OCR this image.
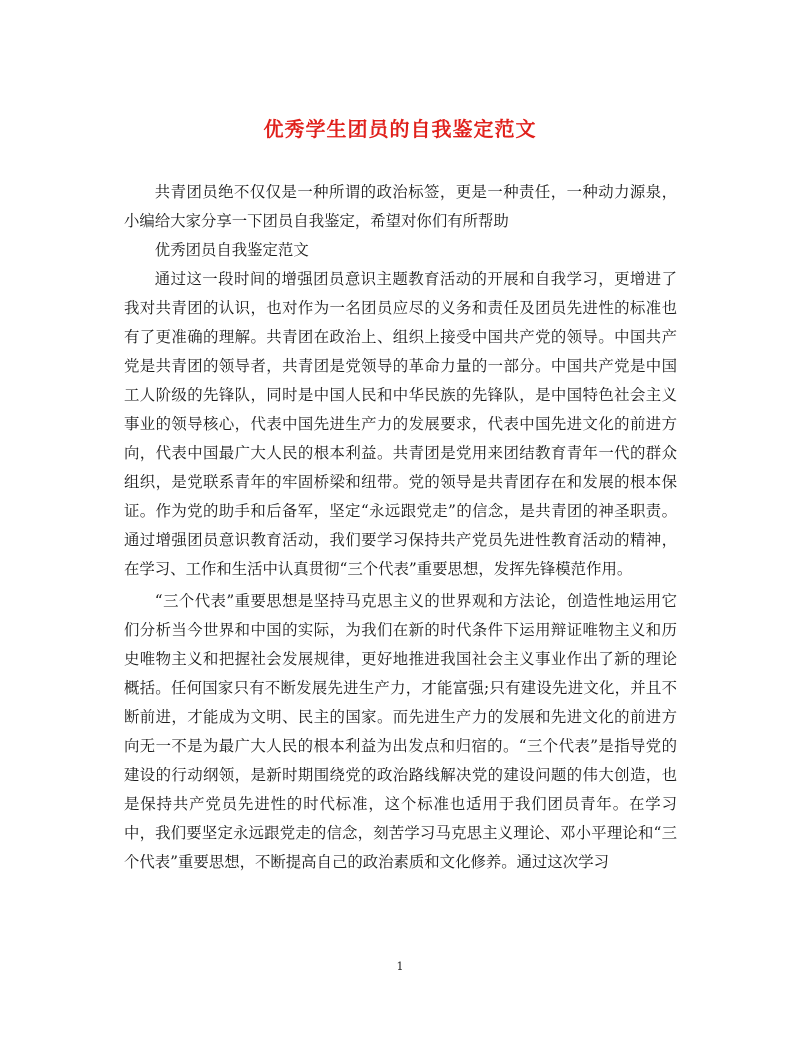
优秀学生团员的自我鉴定范文

共青团员绝不仅仅是一种所谓的政治标签，更是一种责任，一种动力源泉，小编给大家分享一下团员自我鉴定，希望对你们有所帮助

优秀团员自我鉴定范文

通过这一段时间的增强团员意识主题教育活动的开展和自我学习，更增进了我对共青团的认识，也对作为一名团员应尽的义务和责任及团员先进性的标准也有了更准确的理解。共青团在政治上、组织上接受中国共产党的领导。中国共产党是共青团的领导者，共青团是党领导的革命力量的一部分。中国共产党是中国工人阶级的先锋队，同时是中国人民和中华民族的先锋队，是中国特色社会主义事业的领导核心，代表中国先进生产力的发展要求，代表中国先进文化的前进方向，代表中国最广大人民的根本利益。共青团是党用来团结教育青年一代的群众组织，是党联系青年的牢固桥梁和纽带。党的领导是共青团存在和发展的根本保证。作为党的助手和后备军，坚定“永远跟党走”的信念，是共青团的神圣职责。通过增强团员意识教育活动，我们要学习保持共产党员先进性教育活动的精神，在学习、工作和生活中认真贯彻“三个代表”重要思想，发挥先锋模范作用。

“三个代表”重要思想是坚持马克思主义的世界观和方法论，创造性地运用它们分析当今世界和中国的实际，为我们在新的时代条件下运用辩证唯物主义和历史唯物主义和把握社会发展规律，更好地推进我国社会主义事业作出了新的理论概括。任何国家只有不断发展先进生产力，才能富强;只有建设先进文化，并且不断前进，才能成为文明、民主的国家。而先进生产力的发展和先进文化的前进方向无一不是为最广大人民的根本利益为出发点和归宿的。“三个代表”是指导党的建设的行动纲领，是新时期围绕党的政治路线解决党的建设问题的伟大创造，也是保持共产党员先进性的时代标准，这个标准也适用于我们团员青年。在学习中，我们要坚定永远跟党走的信念，刻苦学习马克思主义理论、邓小平理论和“三个代表”重要思想，不断提高自己的政治素质和文化修养。通过这次学习

1
